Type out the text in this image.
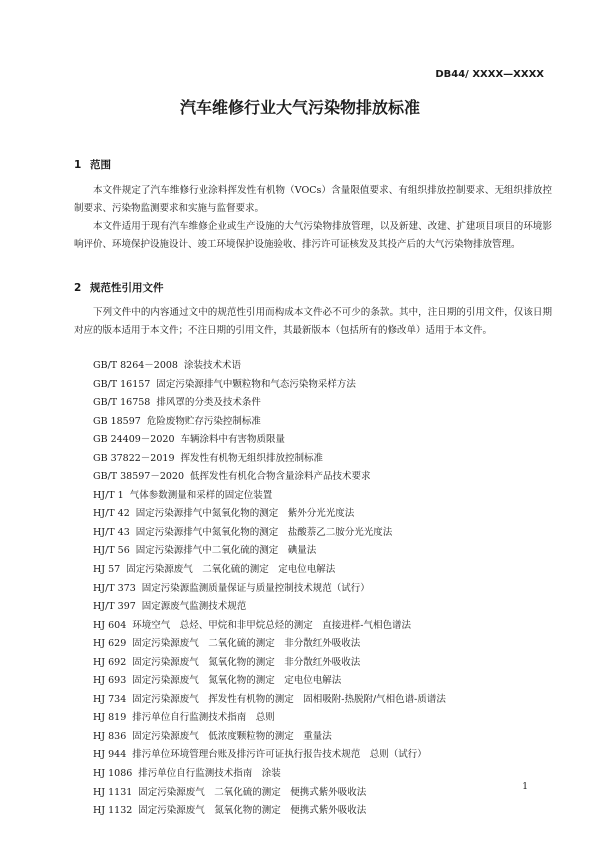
DB44/ XXXX—XXXX
汽车维修行业大气污染物排放标准
1 范围
本文件规定了汽车维修行业涂料挥发性有机物（VOCs）含量限值要求、有组织排放控制要求、无组织排放控制要求、污染物监测要求和实施与监督要求。
本文件适用于现有汽车维修企业或生产设施的大气污染物排放管理，以及新建、改建、扩建项目项目的环境影响评价、环境保护设施设计、竣工环境保护设施验收、排污许可证核发及其投产后的大气污染物排放管理。
2 规范性引用文件
下列文件中的内容通过文中的规范性引用而构成本文件必不可少的条款。其中，注日期的引用文件，仅该日期对应的版本适用于本文件；不注日期的引用文件，其最新版本（包括所有的修改单）适用于本文件。
GB/T 8264－2008 涂装技术术语
GB/T 16157 固定污染源排气中颗粒物和气态污染物采样方法
GB/T 16758 排风罩的分类及技术条件
GB 18597 危险废物贮存污染控制标准
GB 24409－2020 车辆涂料中有害物质限量
GB 37822－2019 挥发性有机物无组织排放控制标准
GB/T 38597－2020 低挥发性有机化合物含量涂料产品技术要求
HJ/T 1 气体参数测量和采样的固定位装置
HJ/T 42 固定污染源排气中氮氧化物的测定　紫外分光光度法
HJ/T 43 固定污染源排气中氮氧化物的测定　盐酸萘乙二胺分光光度法
HJ/T 56 固定污染源排气中二氧化硫的测定　碘量法
HJ 57 固定污染源废气　二氧化硫的测定　定电位电解法
HJ/T 373 固定污染源监测质量保证与质量控制技术规范（试行）
HJ/T 397 固定源废气监测技术规范
HJ 604 环境空气　总烃、甲烷和非甲烷总烃的测定　直接进样-气相色谱法
HJ 629 固定污染源废气　二氧化硫的测定　非分散红外吸收法
HJ 692 固定污染源废气　氮氧化物的测定　非分散红外吸收法
HJ 693 固定污染源废气　氮氧化物的测定　定电位电解法
HJ 734 固定污染源废气　挥发性有机物的测定　固相吸附-热脱附/气相色谱-质谱法
HJ 819 排污单位自行监测技术指南　总则
HJ 836 固定污染源废气　低浓度颗粒物的测定　重量法
HJ 944 排污单位环境管理台账及排污许可证执行报告技术规范　总则（试行）
HJ 1086 排污单位自行监测技术指南　涂装
HJ 1131 固定污染源废气　二氧化硫的测定　便携式紫外吸收法
HJ 1132 固定污染源废气　氮氧化物的测定　便携式紫外吸收法
1
